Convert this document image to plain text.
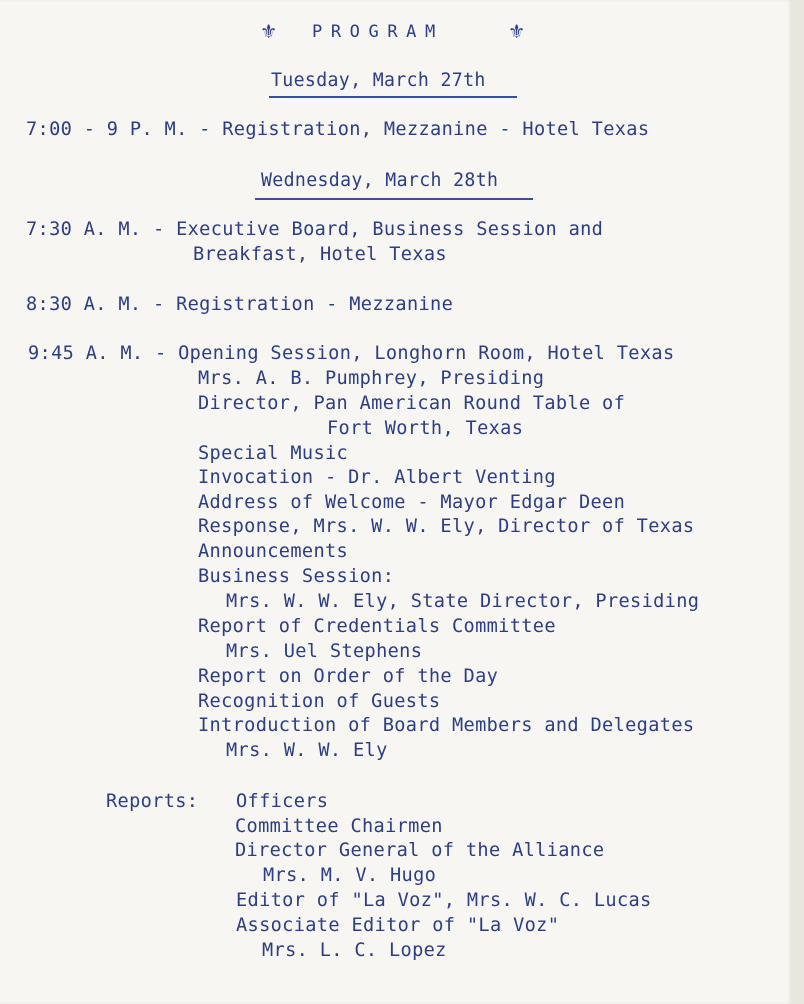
⚜ PROGRAM	⚜
Tuesday, March 27th
7:00 - 9 P. M. - Registration, Mezzanine - Hotel Texas
Wednesday, March 28th
7:30 A. M. - Executive Board, Business Session and
Breakfast, Hotel Texas
8:30 A. M. - Registration - Mezzanine
9:45 A. M. - Opening Session, Longhorn Room, Hotel Texas
Mrs. A. B. Pumphrey, Presiding
Director, Pan American Round Table of
Fort Worth, Texas
Special Music
Invocation - Dr. Albert Venting
Address of Welcome - Mayor Edgar Deen
Response, Mrs. W. W. Ely, Director of Texas
Announcements
Business Session:
Mrs. W. W. Ely, State Director, Presiding
Report of Credentials Committee
Mrs. Uel Stephens
Report on Order of the Day
Recognition of Guests
Introduction of Board Members and Delegates
Mrs. W. W. Ely
Reports: Officers
Committee Chairmen
Director General of the Alliance
Mrs. M. V. Hugo
Editor of "La Voz", Mrs. W. C. Lucas
Associate Editor of "La Voz"
Mrs. L. C. Lopez
